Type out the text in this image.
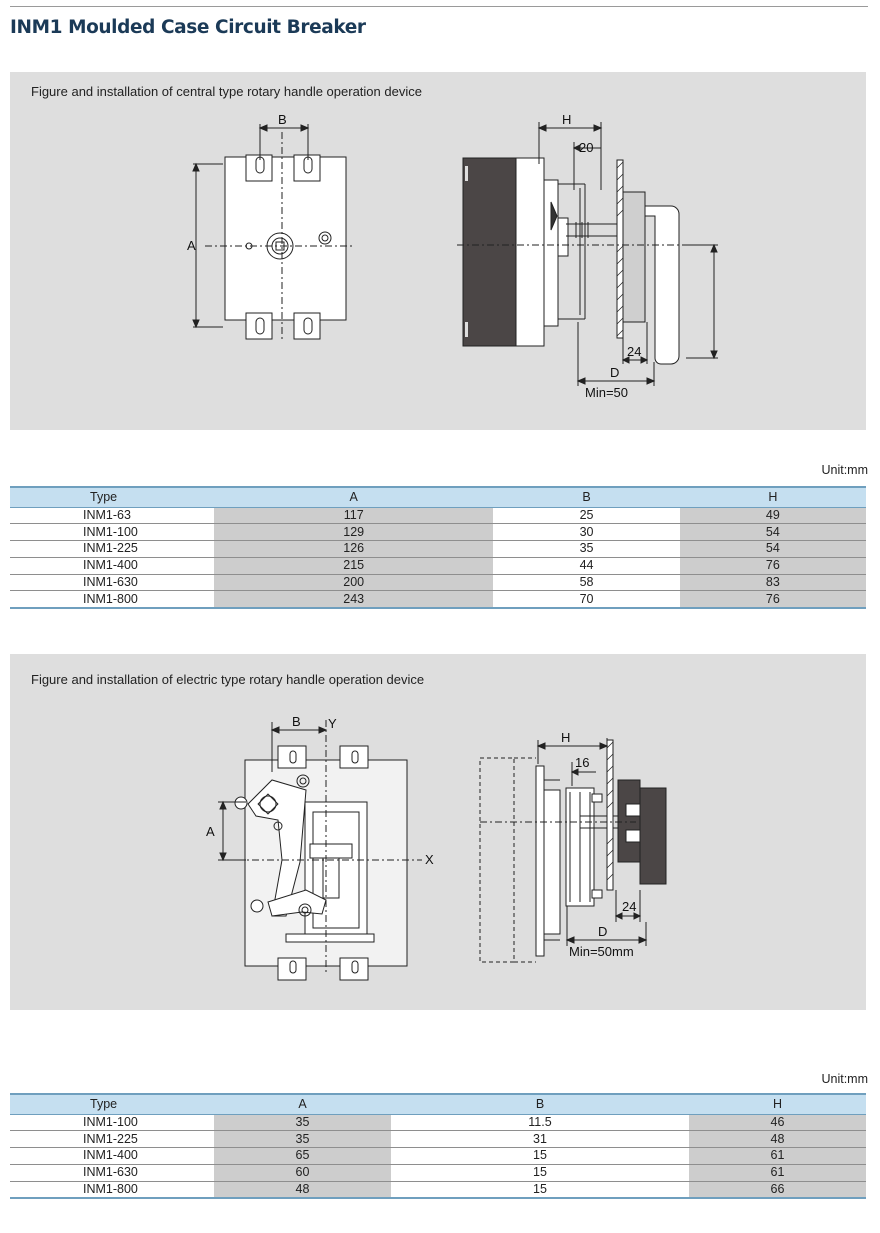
INM1 Moulded Case Circuit Breaker
Figure and installation of central type rotary handle operation device
A
B	H
20
24
D
Min=50
Unit:mm
Type	A	B	H
INM1-63	117	25	49
INM1-100	129	30	54
INM1-225	126	35	54
INM1-400	215	44	76
INM1-630	200	58	83
INM1-800	243	70	76
Figure and installation of electric type rotary handle operation device
A
B Y
X
H
16
24
D
Min=50mm
Unit:mm
Type	A	B	H
INM1-100	35	11.5	46
INM1-225	35	31	48
INM1-400	65	15	61
INM1-630	60	15	61
INM1-800	48	15	66
